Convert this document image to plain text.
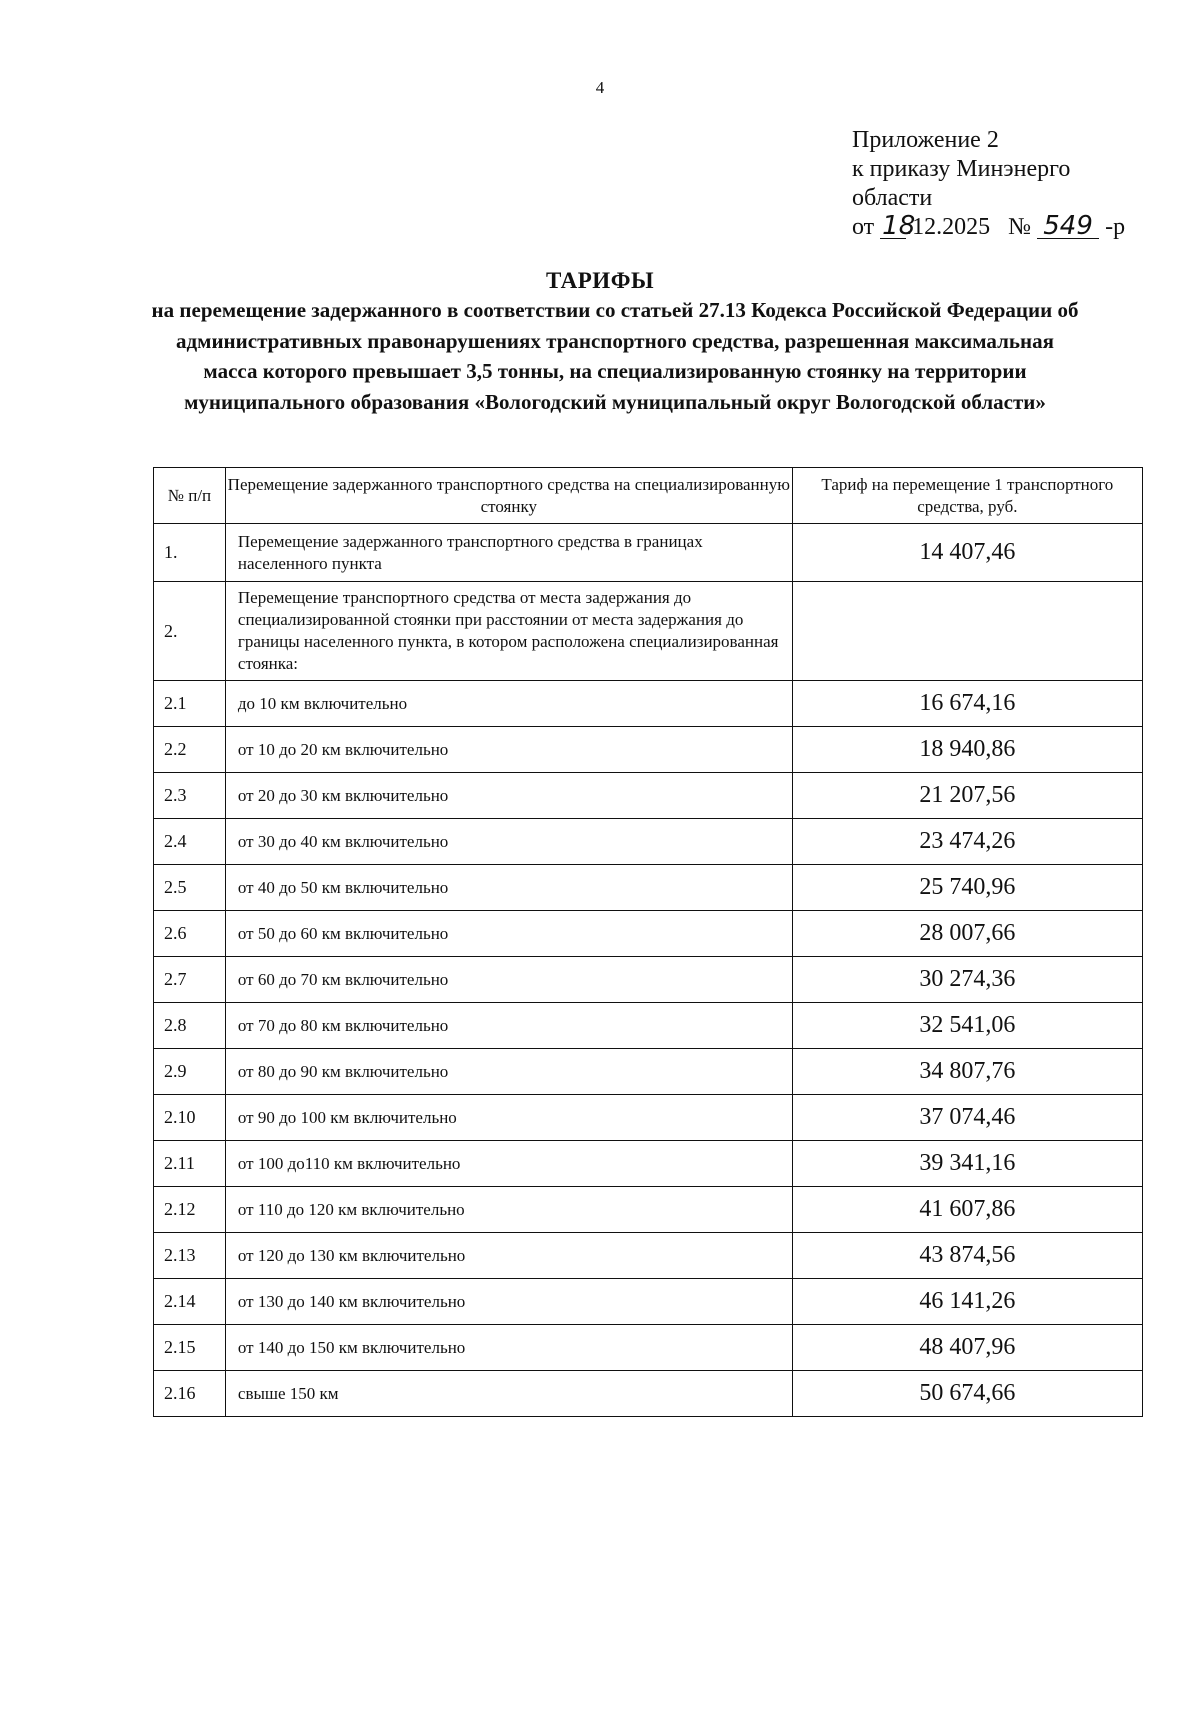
4
Приложение 2
к приказу Минэнерго
области
от 18.12.2025 № 549 -р
ТАРИФЫ
на перемещение задержанного в соответствии со статьей 27.13 Кодекса Российской Федерации об административных правонарушениях транспортного средства, разрешенная максимальная масса которого превышает 3,5 тонны, на специализированную стоянку на территории муниципального образования «Вологодский муниципальный округ Вологодской области»
№ п/п	Перемещение задержанного транспортного средства на специализированную стоянку	Тариф на перемещение 1 транспортного средства, руб.
1.	Перемещение задержанного транспортного средства в границах населенного пункта	14 407,46
2.	Перемещение транспортного средства от места задержания до специализированной стоянки при расстоянии от места задержания до границы населенного пункта, в котором расположена специализированная стоянка:	
2.1	до 10 км включительно	16 674,16
2.2	от 10 до 20 км включительно	18 940,86
2.3	от 20 до 30 км включительно	21 207,56
2.4	от 30 до 40 км включительно	23 474,26
2.5	от 40 до 50 км включительно	25 740,96
2.6	от 50 до 60 км включительно	28 007,66
2.7	от 60 до 70 км включительно	30 274,36
2.8	от 70 до 80 км включительно	32 541,06
2.9	от 80 до 90 км включительно	34 807,76
2.10	от 90 до 100 км включительно	37 074,46
2.11	от 100 до110 км включительно	39 341,16
2.12	от 110 до 120 км включительно	41 607,86
2.13	от 120 до 130 км включительно	43 874,56
2.14	от 130 до 140 км включительно	46 141,26
2.15	от 140 до 150 км включительно	48 407,96
2.16	свыше 150 км	50 674,66
